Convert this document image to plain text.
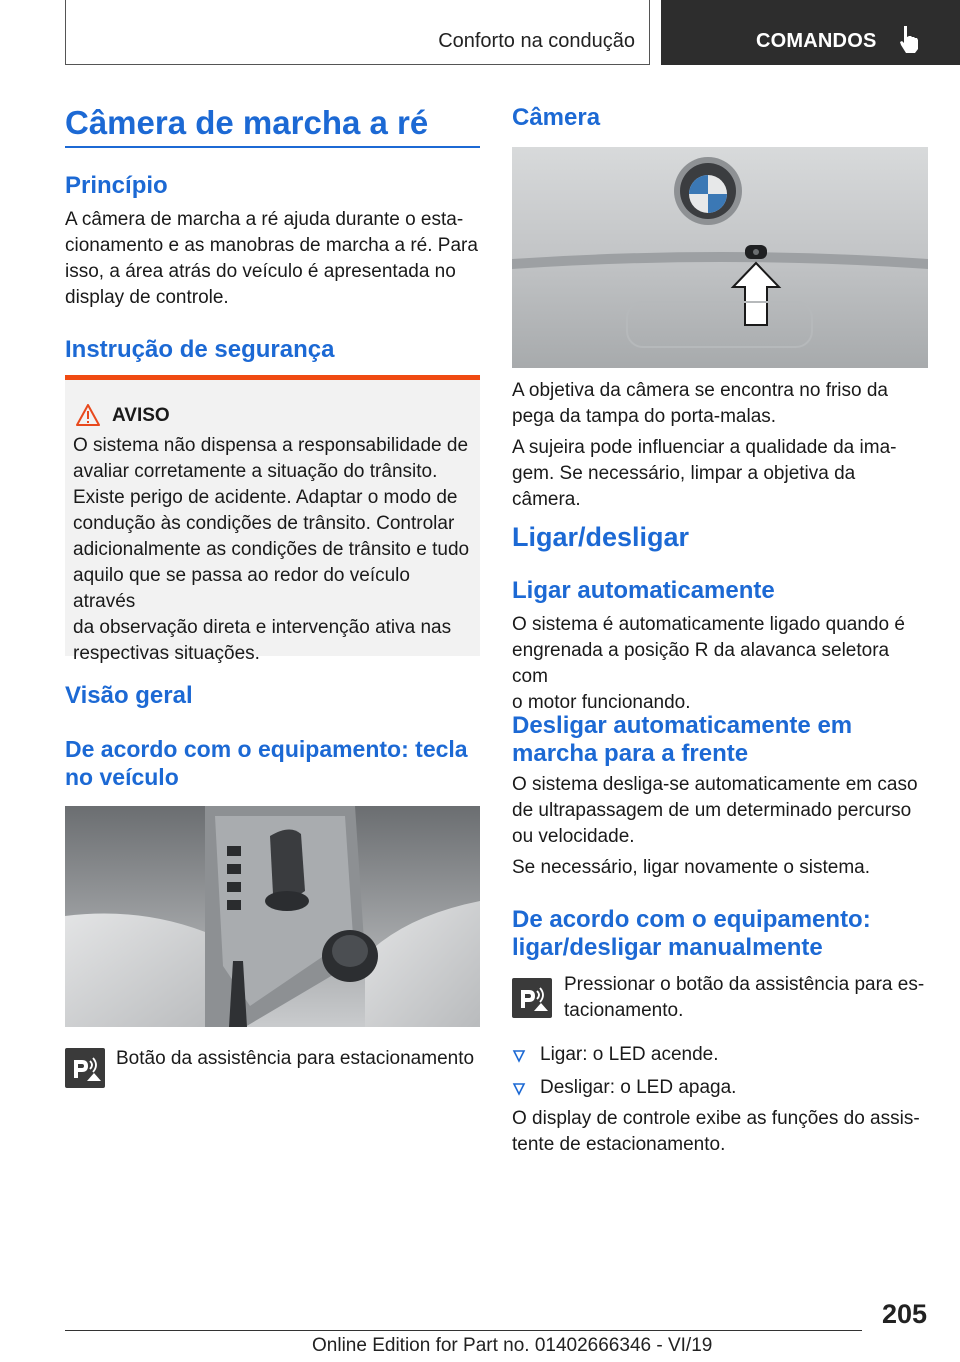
Conforto na condução	COMANDOS
Câmera de marcha a ré
Princípio
A câmera de marcha a ré ajuda durante o esta‐
cionamento e as manobras de marcha a ré. Para
isso, a área atrás do veículo é apresentada no
display de controle.
Instrução de segurança
AVISO
O sistema não dispensa a responsabilidade de
avaliar corretamente a situação do trânsito.
Existe perigo de acidente. Adaptar o modo de
condução às condições de trânsito. Controlar
adicionalmente as condições de trânsito e tudo
aquilo que se passa ao redor do veículo através
da observação direta e intervenção ativa nas
respectivas situações.
Visão geral
De acordo com o equipamento: tecla
no veículo
Botão da assistência para estacionamento
Câmera
A objetiva da câmera se encontra no friso da
pega da tampa do porta-malas.
A sujeira pode influenciar a qualidade da ima‐
gem. Se necessário, limpar a objetiva da câmera.
Ligar/desligar
Ligar automaticamente
O sistema é automaticamente ligado quando é
engrenada a posição R da alavanca seletora com
o motor funcionando.
Desligar automaticamente em
marcha para a frente
O sistema desliga-se automaticamente em caso
de ultrapassagem de um determinado percurso
ou velocidade.
Se necessário, ligar novamente o sistema.
De acordo com o equipamento:
ligar/desligar manualmente
Pressionar o botão da assistência para es‐
tacionamento.
Ligar: o LED acende.
Desligar: o LED apaga.
O display de controle exibe as funções do assis‐
tente de estacionamento.
205
Online Edition for Part no. 01402666346 - VI/19
